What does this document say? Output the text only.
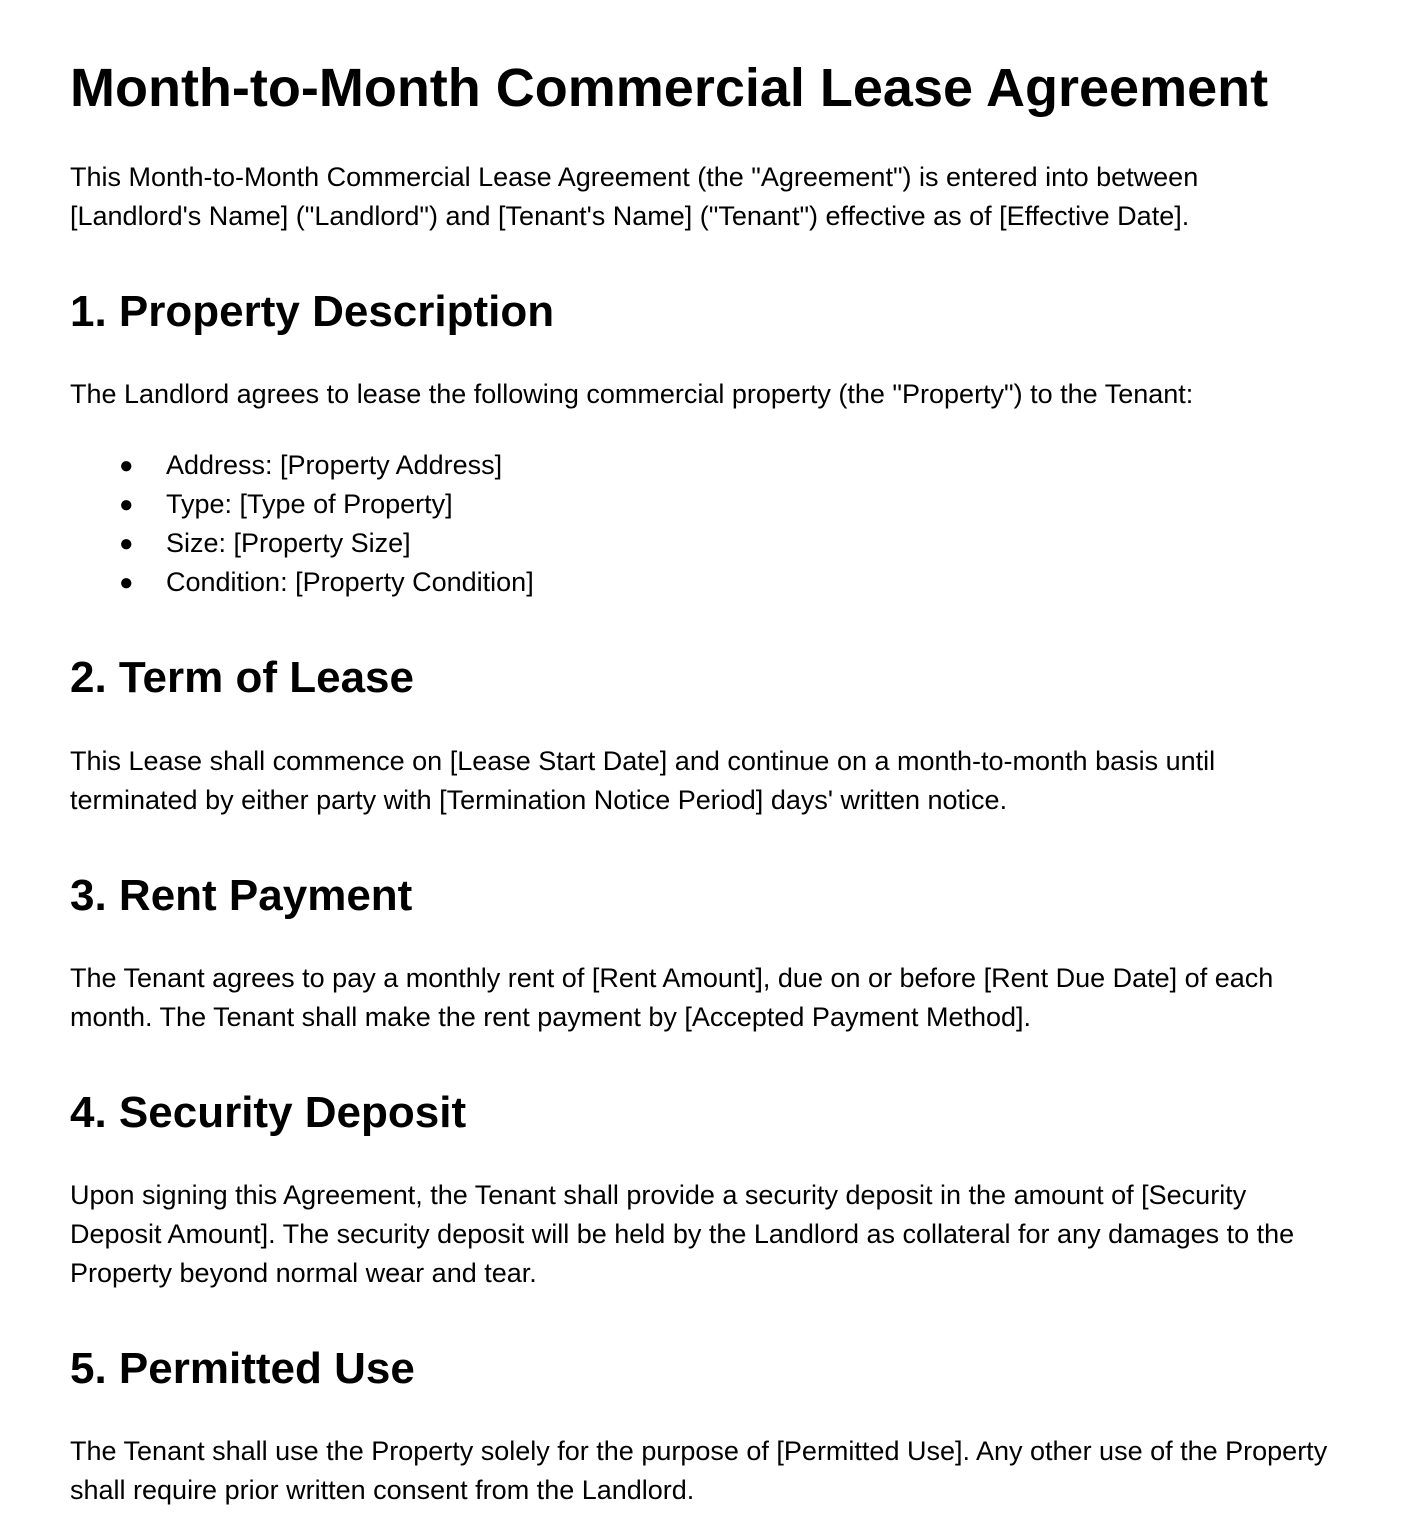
Month-to-Month Commercial Lease Agreement

This Month-to-Month Commercial Lease Agreement (the "Agreement") is entered into between [Landlord's Name] ("Landlord") and [Tenant's Name] ("Tenant") effective as of [Effective Date].

1. Property Description

The Landlord agrees to lease the following commercial property (the "Property") to the Tenant:

● Address: [Property Address]
● Type: [Type of Property]
● Size: [Property Size]
● Condition: [Property Condition]
2. Term of Lease

This Lease shall commence on [Lease Start Date] and continue on a month-to-month basis until terminated by either party with [Termination Notice Period] days' written notice.

3. Rent Payment

The Tenant agrees to pay a monthly rent of [Rent Amount], due on or before [Rent Due Date] of each month. The Tenant shall make the rent payment by [Accepted Payment Method].

4. Security Deposit

Upon signing this Agreement, the Tenant shall provide a security deposit in the amount of [Security Deposit Amount]. The security deposit will be held by the Landlord as collateral for any damages to the Property beyond normal wear and tear.

5. Permitted Use

The Tenant shall use the Property solely for the purpose of [Permitted Use]. Any other use of the Property shall require prior written consent from the Landlord.
